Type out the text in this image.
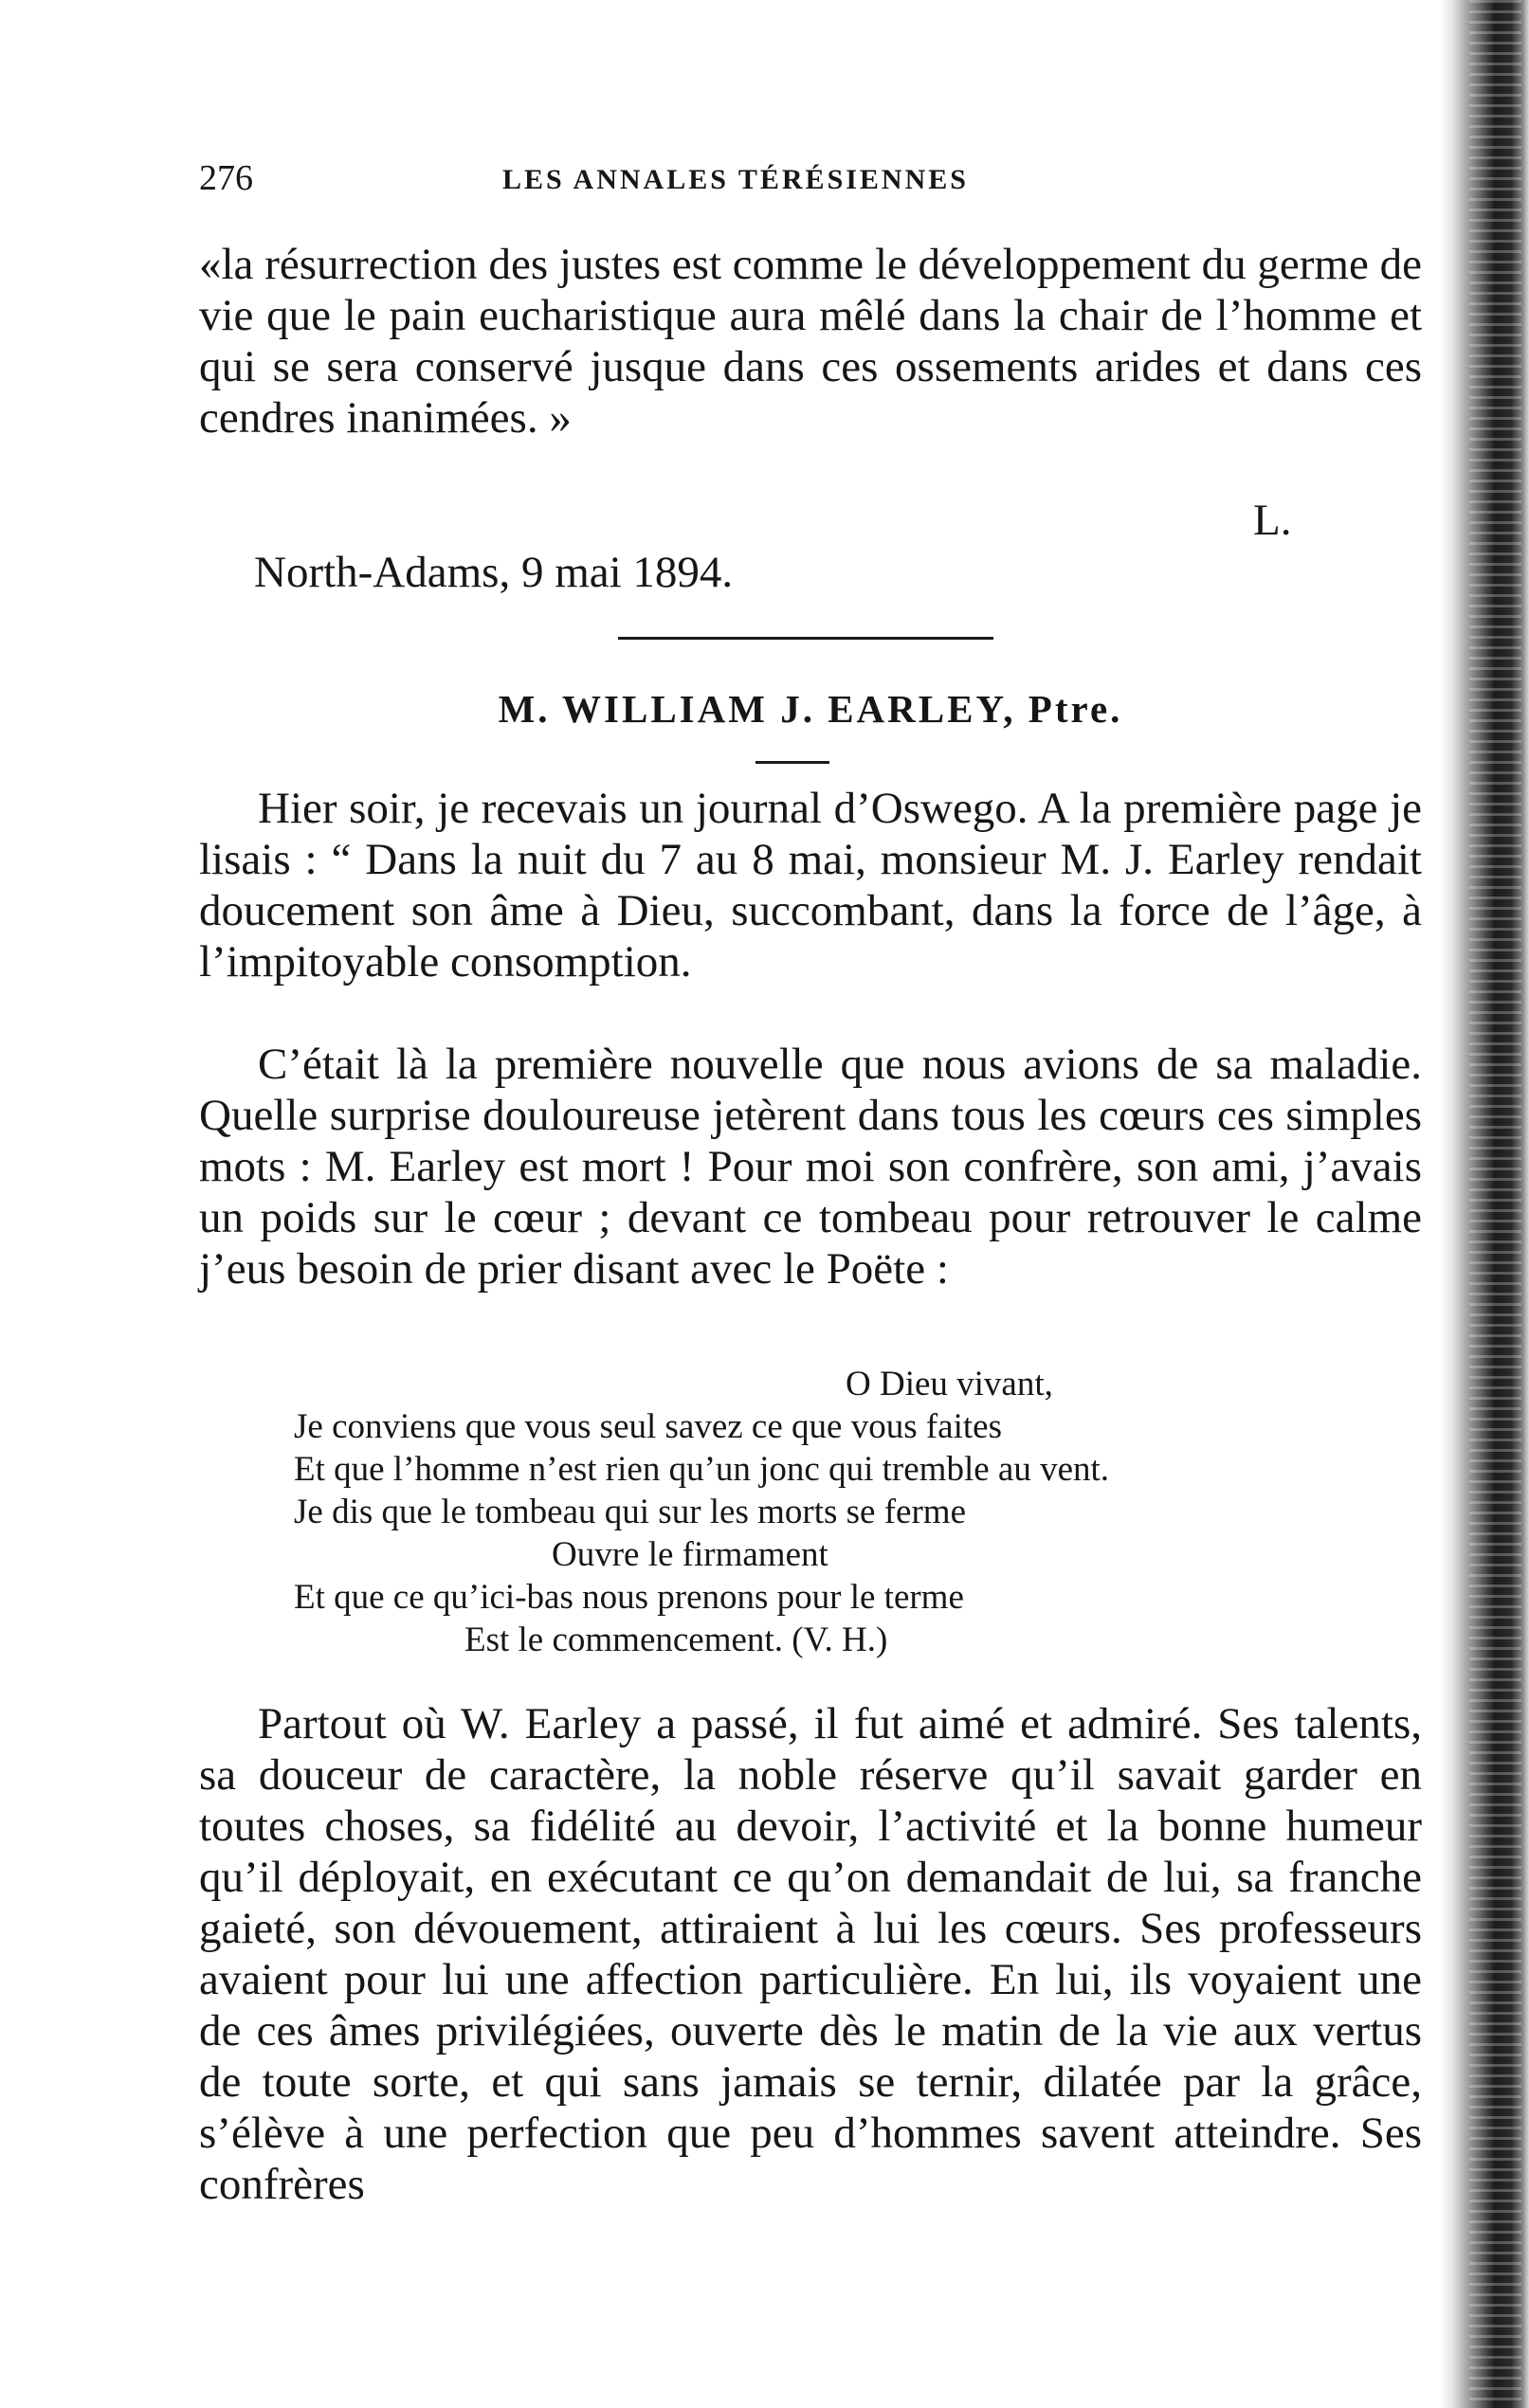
276	LES ANNALES TÉRÉSIENNES

«la résurrection des justes est comme le développement du germe de vie que le pain eucharistique aura mêlé dans la chair de l’homme et qui se sera conservé jusque dans ces ossements arides et dans ces cendres inanimées. »

L.
North-Adams, 9 mai 1894.
M. WILLIAM J. EARLEY, Ptre.

Hier soir, je recevais un journal d’Oswego. A la première page je lisais : “ Dans la nuit du 7 au 8 mai, monsieur M. J. Earley rendait doucement son âme à Dieu, succombant, dans la force de l’âge, à l’impitoyable consomption.

C’était là la première nouvelle que nous avions de sa maladie. Quelle surprise douloureuse jetèrent dans tous les cœurs ces simples mots : M. Earley est mort ! Pour moi son confrère, son ami, j’avais un poids sur le cœur ; devant ce tombeau pour retrouver le calme j’eus besoin de prier disant avec le Poëte :

O Dieu vivant,
Je conviens que vous seul savez ce que vous faites
Et que l’homme n’est rien qu’un jonc qui tremble au vent.
Je dis que le tombeau qui sur les morts se ferme
Ouvre le firmament
Et que ce qu’ici-bas nous prenons pour le terme
Est le commencement. (V. H.)

Partout où W. Earley a passé, il fut aimé et admiré. Ses talents, sa douceur de caractère, la noble réserve qu’il savait garder en toutes choses, sa fidélité au devoir, l’activité et la bonne humeur qu’il déployait, en exécutant ce qu’on demandait de lui, sa franche gaieté, son dévouement, attiraient à lui les cœurs. Ses professeurs avaient pour lui une affection particulière. En lui, ils voyaient une de ces âmes privilégiées, ouverte dès le matin de la vie aux vertus de toute sorte, et qui sans jamais se ternir, dilatée par la grâce, s’élève à une perfection que peu d’hommes savent atteindre. Ses confrères
